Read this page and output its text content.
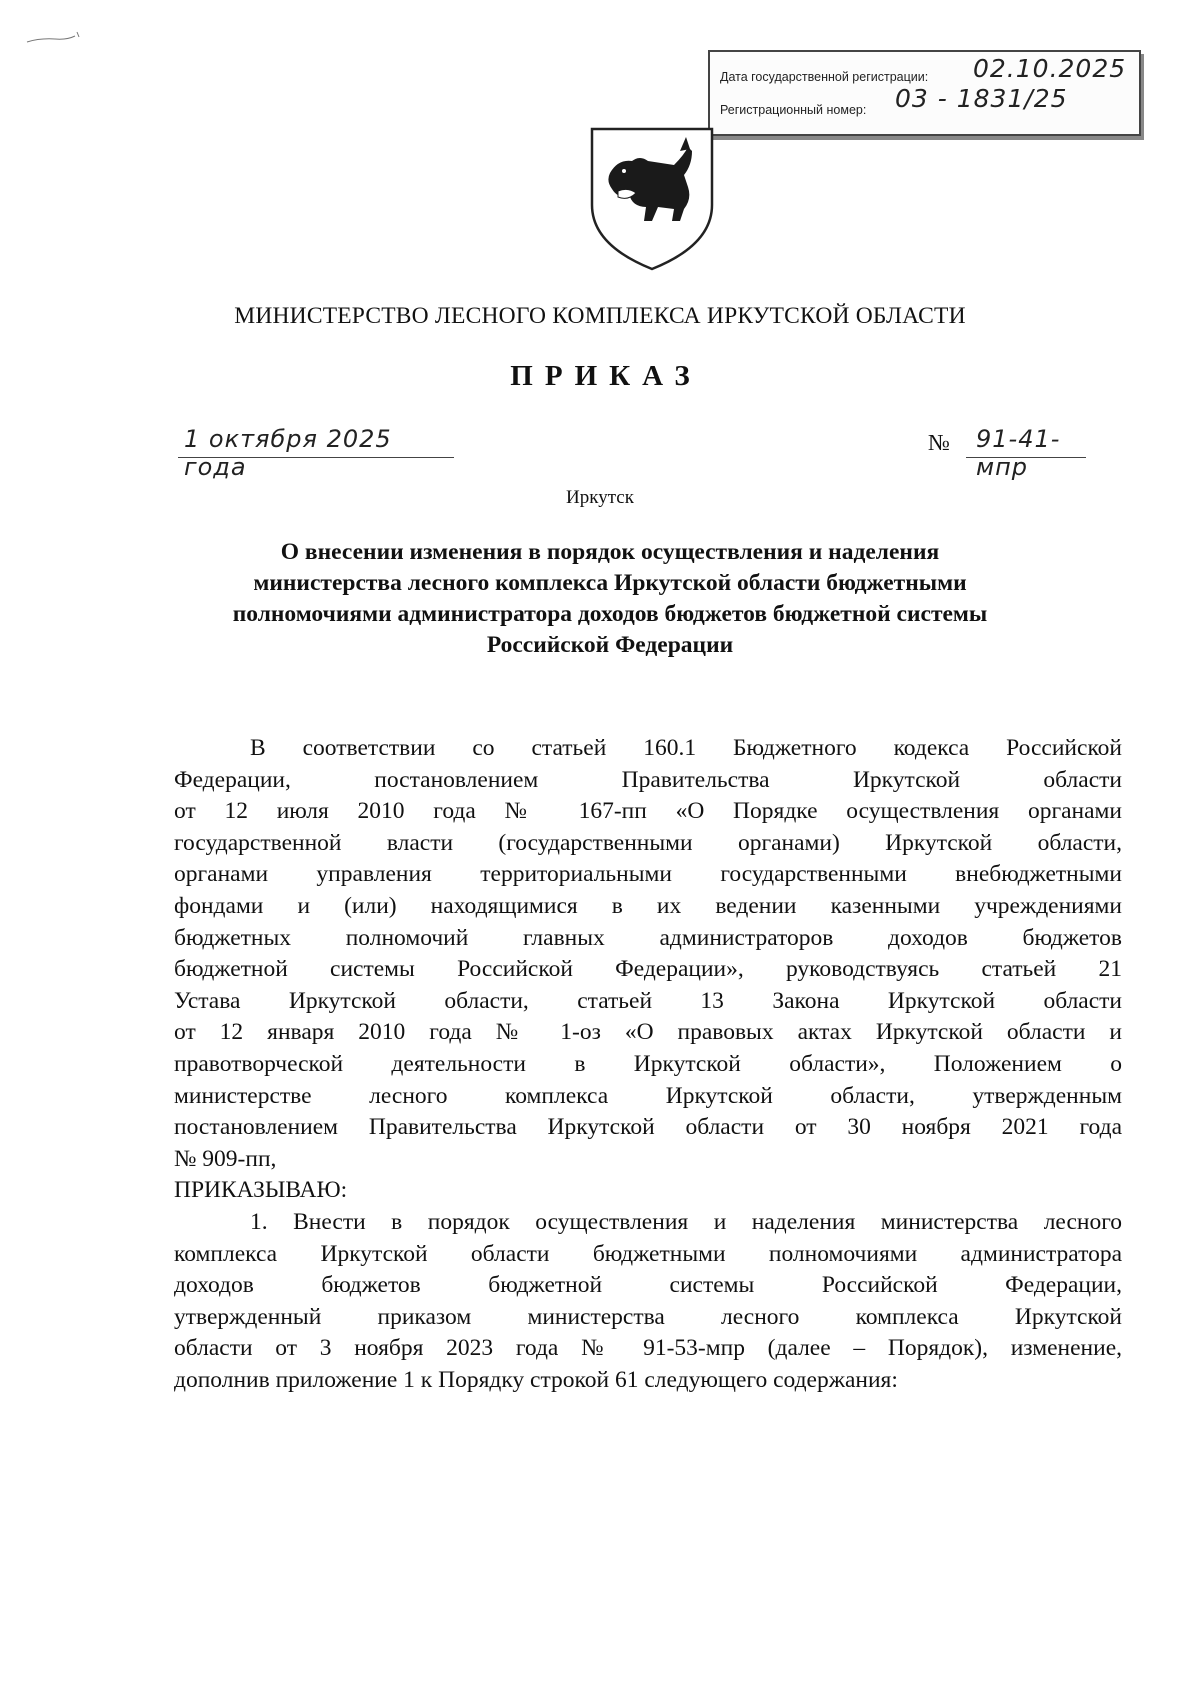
Дата государственной регистрации: 02.10.2025
Регистрационный номер: 03 - 1831/25
МИНИСТЕРСТВО ЛЕСНОГО КОМПЛЕКСА ИРКУТСКОЙ ОБЛАСТИ
ПРИКАЗ
1 октября 2025 года
№ 91-41-мпр
Иркутск
О внесении изменения в порядок осуществления и наделения
министерства лесного комплекса Иркутской области бюджетными
полномочиями администратора доходов бюджетов бюджетной системы
Российской Федерации
В соответствии со статьей 160.1 Бюджетного кодекса Российской
Федерации, постановлением Правительства Иркутской области
от 12 июля 2010 года № 167-пп «О Порядке осуществления органами
государственной власти (государственными органами) Иркутской области,
органами управления территориальными государственными внебюджетными
фондами и (или) находящимися в их ведении казенными учреждениями
бюджетных полномочий главных администраторов доходов бюджетов
бюджетной системы Российской Федерации», руководствуясь статьей 21
Устава Иркутской области, статьей 13 Закона Иркутской области
от 12 января 2010 года № 1-оз «О правовых актах Иркутской области и
правотворческой деятельности в Иркутской области», Положением о
министерстве лесного комплекса Иркутской области, утвержденным
постановлением Правительства Иркутской области от 30 ноября 2021 года
№ 909-пп,
ПРИКАЗЫВАЮ:
1. Внести в порядок осуществления и наделения министерства лесного
комплекса Иркутской области бюджетными полномочиями администратора
доходов бюджетов бюджетной системы Российской Федерации,
утвержденный приказом министерства лесного комплекса Иркутской
области от 3 ноября 2023 года № 91-53-мпр (далее – Порядок), изменение,
дополнив приложение 1 к Порядку строкой 61 следующего содержания:
